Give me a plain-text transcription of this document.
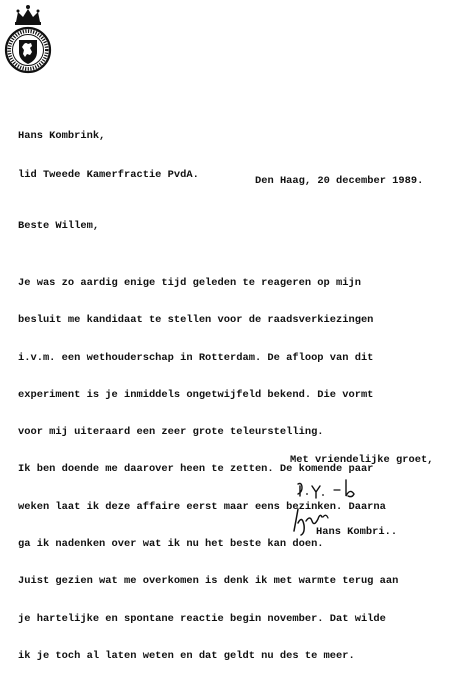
Hans Kombrink,

lid Tweede Kamerfractie PvdA.

	Den Haag, 20 december 1989.
Beste Willem,

Je was zo aardig enige tijd geleden te reageren op mijn

besluit me kandidaat te stellen voor de raadsverkiezingen

i.v.m. een wethouderschap in Rotterdam. De afloop van dit

experiment is je inmiddels ongetwijfeld bekend. Die vormt

voor mij uiteraard een zeer grote teleurstelling.

Ik ben doende me daarover heen te zetten. De komende paar

weken laat ik deze affaire eerst maar eens bezinken. Daarna

ga ik nadenken over wat ik nu het beste kan doen.

Juist gezien wat me overkomen is denk ik met warmte terug aan

je hartelijke en spontane reactie begin november. Dat wilde

ik je toch al laten weten en dat geldt nu des te meer.

Met vriendelijke groet,
Hans Kombri..
